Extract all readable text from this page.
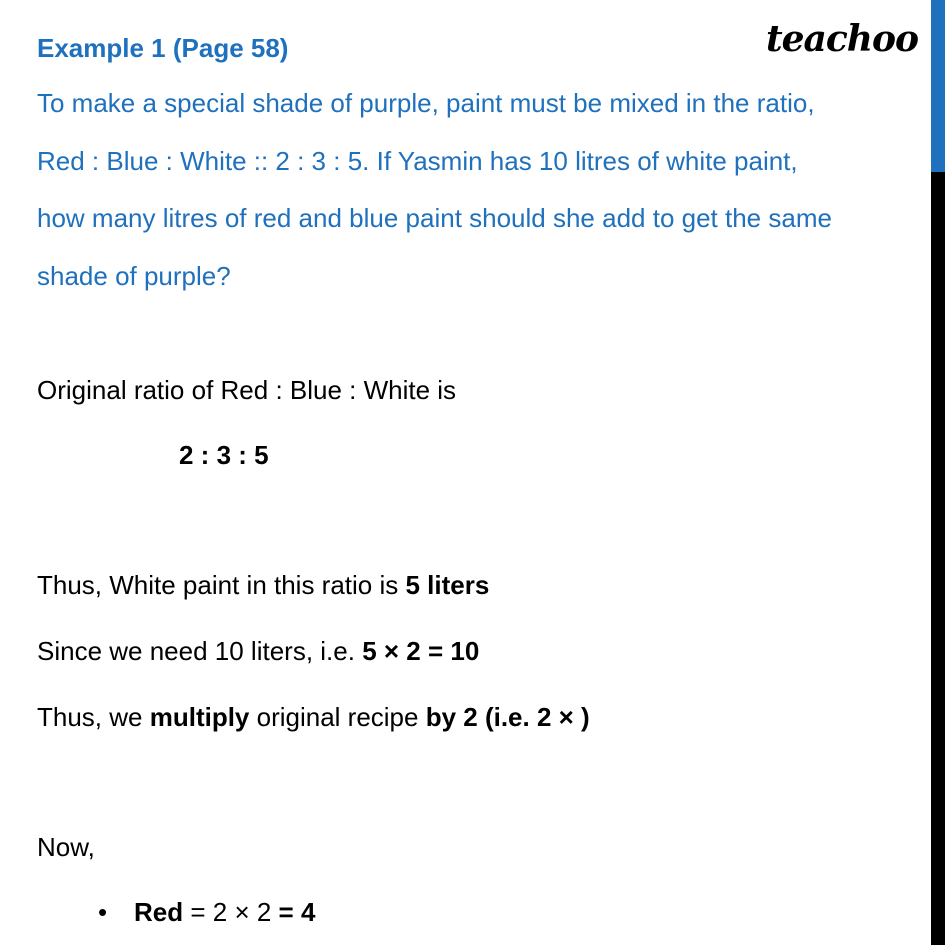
Example 1 (Page 58)	teachoo
To make a special shade of purple, paint must be mixed in the ratio,
Red : Blue : White :: 2 : 3 : 5. If Yasmin has 10 litres of white paint,
how many litres of red and blue paint should she add to get the same
shade of purple?
Original ratio of Red : Blue : White is
2 : 3 : 5
Thus, White paint in this ratio is 5 liters
Since we need 10 liters, i.e. 5 × 2 = 10
Thus, we multiply original recipe by 2 (i.e. 2 × )
Now,
• Red = 2 × 2 = 4
